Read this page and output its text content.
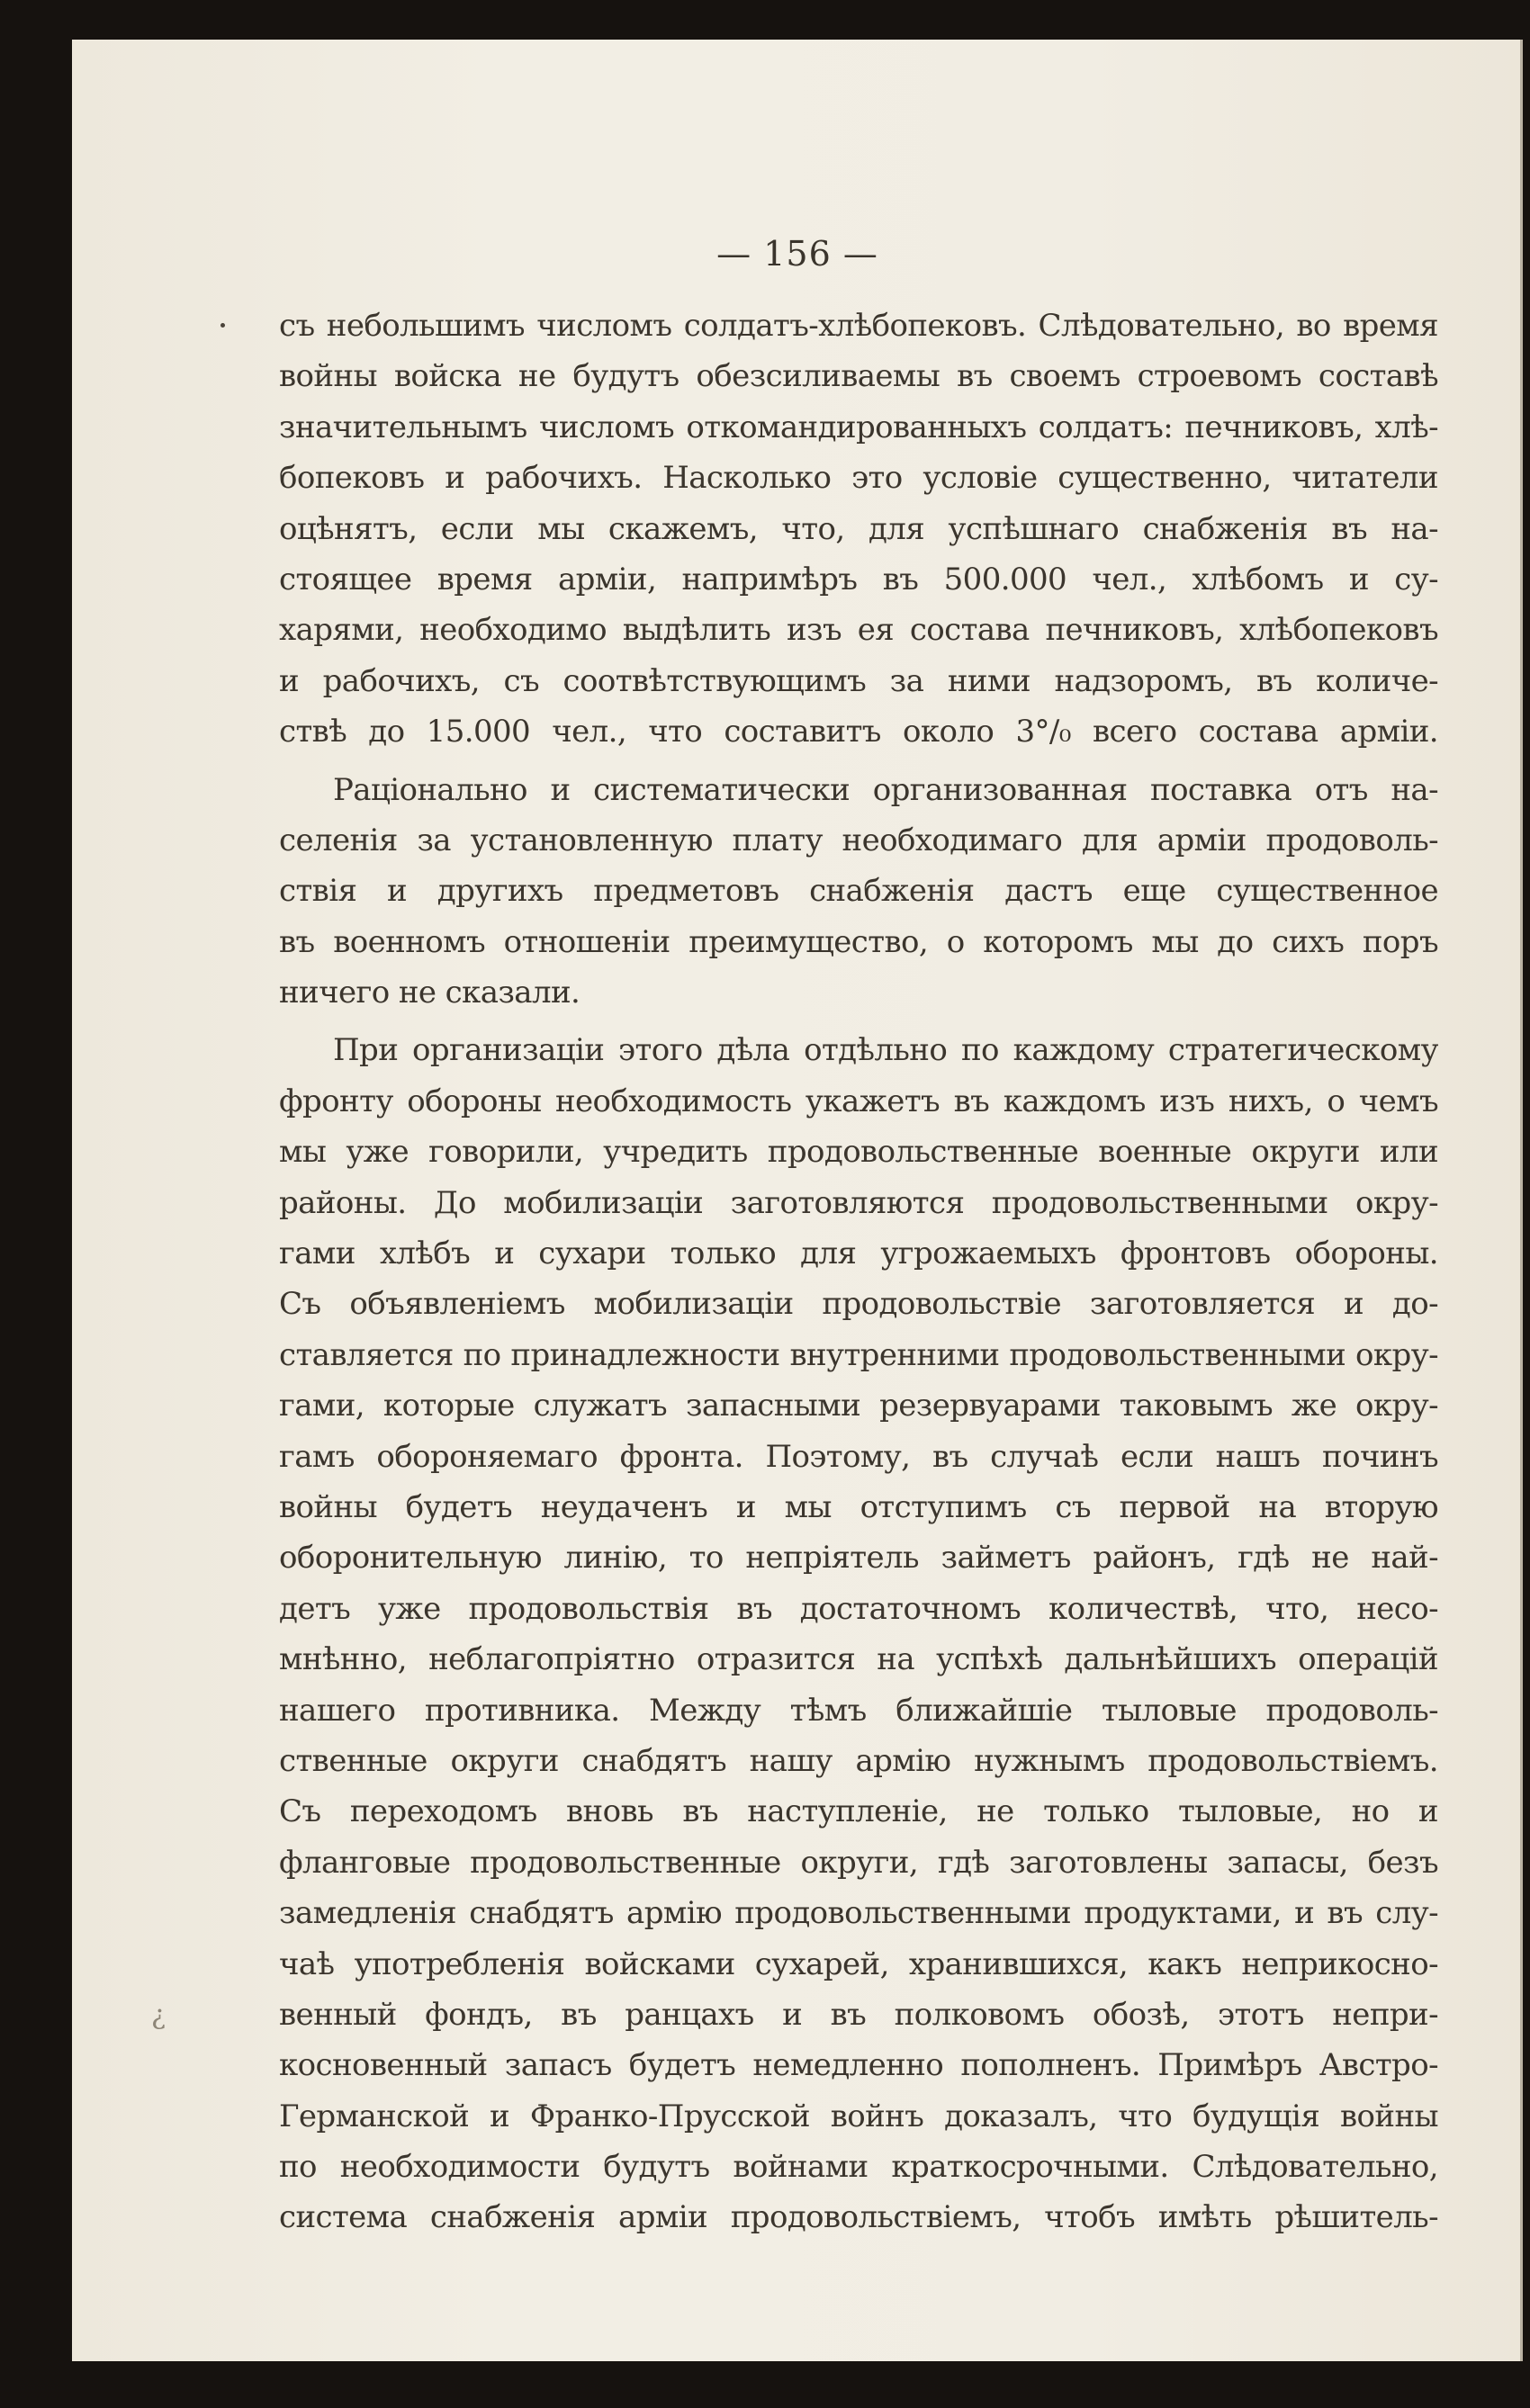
— 156 —
съ небольшимъ числомъ солдатъ-хлѣбопековъ. Слѣдовательно, во время
войны войска не будутъ обезсиливаемы въ своемъ строевомъ составѣ
значительнымъ числомъ откомандированныхъ солдатъ: печниковъ, хлѣ-
бопековъ и рабочихъ. Насколько это условіе существенно, читатели
оцѣнятъ, если мы скажемъ, что, для успѣшнаго снабженія въ на-
стоящее время арміи, напримѣръ въ 500.000 чел., хлѣбомъ и су-
харями, необходимо выдѣлить изъ ея состава печниковъ, хлѣбопековъ
и рабочихъ, съ соотвѣтствующимъ за ними надзоромъ, въ количе-
ствѣ до 15.000 чел., что составитъ около 3°/₀ всего состава арміи.
Раціонально и систематически организованная поставка отъ на-
селенія за установленную плату необходимаго для арміи продоволь-
ствія и другихъ предметовъ снабженія дастъ еще существенное
въ военномъ отношеніи преимущество, о которомъ мы до сихъ поръ
ничего не сказали.
При организаціи этого дѣла отдѣльно по каждому стратегическому
фронту обороны необходимость укажетъ въ каждомъ изъ нихъ, о чемъ
мы уже говорили, учредить продовольственные военные округи или
районы. До мобилизаціи заготовляются продовольственными окру-
гами хлѣбъ и сухари только для угрожаемыхъ фронтовъ обороны.
Съ объявленіемъ мобилизаціи продовольствіе заготовляется и до-
ставляется по принадлежности внутренними продовольственными окру-
гами, которые служатъ запасными резервуарами таковымъ же окру-
гамъ обороняемаго фронта. Поэтому, въ случаѣ если нашъ починъ
войны будетъ неудаченъ и мы отступимъ съ первой на вторую
оборонительную линію, то непріятель займетъ районъ, гдѣ не най-
детъ уже продовольствія въ достаточномъ количествѣ, что, несо-
мнѣнно, неблагопріятно отразится на успѣхѣ дальнѣйшихъ операцій
нашего противника. Между тѣмъ ближайшіе тыловые продоволь-
ственные округи снабдятъ нашу армію нужнымъ продовольствіемъ.
Съ переходомъ вновь въ наступленіе, не только тыловые, но и
фланговые продовольственные округи, гдѣ заготовлены запасы, безъ
замедленія снабдятъ армію продовольственными продуктами, и въ слу-
чаѣ употребленія войсками сухарей, хранившихся, какъ неприкосно-
венный фондъ, въ ранцахъ и въ полковомъ обозѣ, этотъ непри-
косновенный запасъ будетъ немедленно пополненъ. Примѣръ Австро-
Германской и Франко-Прусской войнъ доказалъ, что будущія войны
по необходимости будутъ войнами краткосрочными. Слѣдовательно,
система снабженія арміи продовольствіемъ, чтобъ имѣть рѣшитель-
¿
